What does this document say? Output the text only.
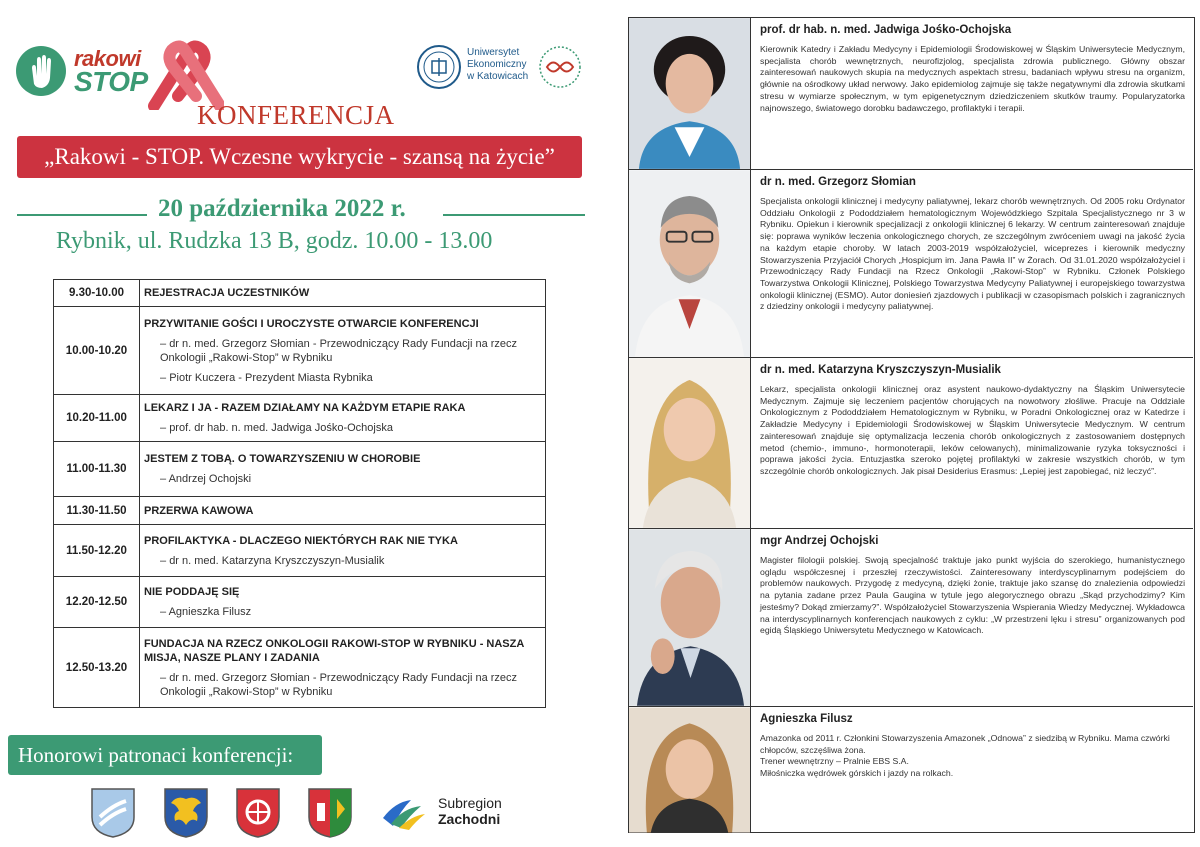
rakowi
STOP
KONFERENCJA
Uniwersytet
Ekonomiczny
w Katowicach
„Rakowi - STOP. Wczesne wykrycie - szansą na życie”
20 października 2022 r.
Rybnik, ul. Rudzka 13 B, godz. 10.00 - 13.00
9.30-10.00	REJESTRACJA UCZESTNIKÓW

10.00-10.20	PRZYWITANIE GOŚCI I UROCZYSTE OTWARCIE KONFERENCJI
– dr n. med. Grzegorz Słomian - Przewodniczący Rady Fundacji na rzecz Onkologii „Rakowi-Stop” w Rybniku
– Piotr Kuczera - Prezydent Miasta Rybnika

10.20-11.00	LEKARZ I JA - RAZEM DZIAŁAMY NA KAŻDYM ETAPIE RAKA
– prof. dr hab. n. med. Jadwiga Jośko-Ochojska

11.00-11.30	JESTEM Z TOBĄ. O TOWARZYSZENIU W CHOROBIE
– Andrzej Ochojski

11.30-11.50	PRZERWA KAWOWA

11.50-12.20	PROFILAKTYKA - DLACZEGO NIEKTÓRYCH RAK NIE TYKA
– dr n. med. Katarzyna Kryszczyszyn-Musialik

12.20-12.50	NIE PODDAJĘ SIĘ
– Agnieszka Filusz

12.50-13.20	FUNDACJA NA RZECZ ONKOLOGII RAKOWI-STOP W RYBNIKU - NASZA MISJA, NASZE PLANY I ZADANIA
– dr n. med. Grzegorz Słomian - Przewodniczący Rady Fundacji na rzecz Onkologii „Rakowi-Stop” w Rybniku
Honorowi patronaci konferencji:
Subregion
Zachodni
prof. dr hab. n. med. Jadwiga Jośko-Ochojska
Kierownik Katedry i Zakładu Medycyny i Epidemiologii Środowiskowej w Śląskim Uniwersytecie Medycznym, specjalista chorób wewnętrznych, neurofizjolog, specjalista zdrowia publicznego. Główny obszar zainteresowań naukowych skupia na medycznych aspektach stresu, badaniach wpływu stresu na organizm, głównie na ośrodkowy układ nerwowy. Jako epidemiolog zajmuje się także negatywnymi dla zdrowia skutkami stresu w wymiarze społecznym, w tym epigenetycznym dziedziczeniem skutków traumy. Popularyzatorka najnowszego, światowego dorobku badawczego, profilaktyki i terapii.
dr n. med. Grzegorz Słomian
Specjalista onkologii klinicznej i medycyny paliatywnej, lekarz chorób wewnętrznych. Od 2005 roku Ordynator Oddziału Onkologii z Pododdziałem hematologicznym Wojewódzkiego Szpitala Specjalistycznego nr 3 w Rybniku. Opiekun i kierownik specjalizacji z onkologii klinicznej 6 lekarzy. W centrum zainteresowań znajduje się: poprawa wyników leczenia onkologicznego chorych, ze szczególnym zwróceniem uwagi na jakość życia na każdym etapie choroby. W latach 2003-2019 współzałożyciel, wiceprezes i kierownik medyczny Stowarzyszenia Przyjaciół Chorych „Hospicjum im. Jana Pawła II” w Żorach. Od 31.01.2020 współzałożyciel i Przewodniczący Rady Fundacji na Rzecz Onkologii „Rakowi-Stop” w Rybniku. Członek Polskiego Towarzystwa Onkologii Klinicznej, Polskiego Towarzystwa Medycyny Paliatywnej i europejskiego towarzystwa onkologii klinicznej (ESMO). Autor doniesień zjazdowych i publikacji w czasopismach polskich i zagranicznych z dziedziny onkologii i medycyny paliatywnej.
dr n. med. Katarzyna Kryszczyszyn-Musialik
Lekarz, specjalista onkologii klinicznej oraz asystent naukowo-dydaktyczny na Śląskim Uniwersytecie Medycznym. Zajmuje się leczeniem pacjentów chorujących na nowotwory złośliwe. Pracuje na Oddziale Onkologicznym z Pododdziałem Hematologicznym w Rybniku, w Poradni Onkologicznej oraz w Katedrze i Zakładzie Medycyny i Epidemiologii Środowiskowej w Śląskim Uniwersytecie Medycznym. W centrum zainteresowań znajduje się optymalizacja leczenia chorób onkologicznych z zastosowaniem dostępnych metod (chemio-, immuno-, hormonoterapii, leków celowanych), minimalizowanie ryzyka toksyczności i poprawa jakości życia. Entuzjastka szeroko pojętej profilaktyki w zakresie wszystkich chorób, w tym szczególnie chorób onkologicznych. Jak pisał Desiderius Erasmus: „Lepiej jest zapobiegać, niż leczyć”.
mgr Andrzej Ochojski
Magister filologii polskiej. Swoją specjalność traktuje jako punkt wyjścia do szerokiego, humanistycznego oglądu współczesnej i przeszłej rzeczywistości. Zainteresowany interdyscyplinarnym podejściem do problemów naukowych. Przygodę z medycyną, dzięki żonie, traktuje jako szansę do znalezienia odpowiedzi na pytania zadane przez Paula Gaugina w tytule jego alegorycznego obrazu „Skąd przychodzimy? Kim jesteśmy? Dokąd zmierzamy?”. Współzałożyciel Stowarzyszenia Wspierania Wiedzy Medycznej. Wykładowca na interdyscyplinarnych konferencjach naukowych z cyklu: „W przestrzeni lęku i stresu” organizowanych pod egidą Śląskiego Uniwersytetu Medycznego w Katowicach.
Agnieszka Filusz
Amazonka od 2011 r. Członkini Stowarzyszenia Amazonek „Odnowa” z siedzibą w Rybniku. Mama czwórki chłopców, szczęśliwa żona.
Trener wewnętrzny – Pralnie EBS S.A.
Miłośniczka wędrówek górskich i jazdy na rolkach.
